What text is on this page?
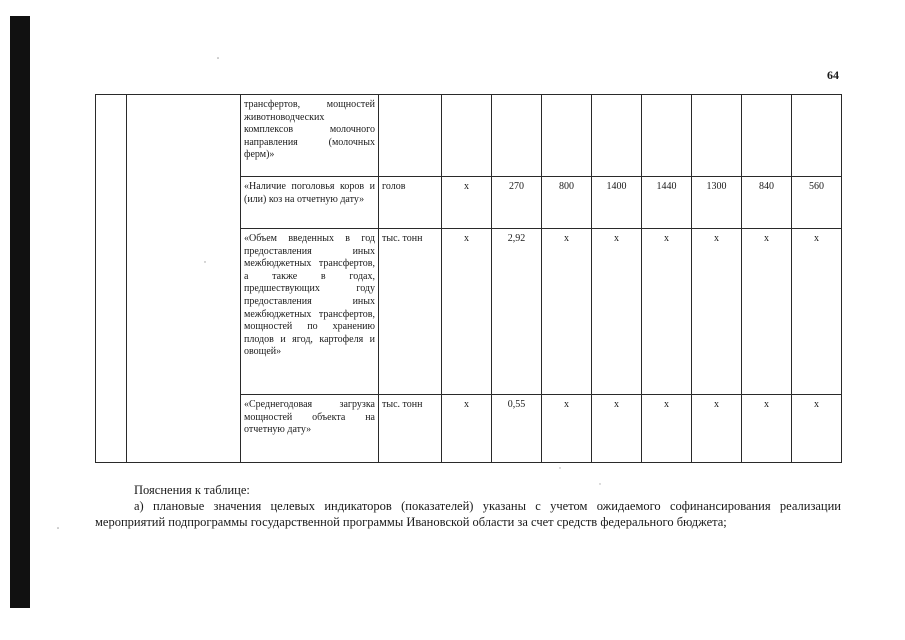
64
		трансфертов, мощностей животноводческих комплексов молочного направления (молочных ферм)»									
		«Наличие поголовья коров и (или) коз на отчетную дату»	голов	х	270	800	1400	1440	1300	840	560
		«Объем введенных в год предоставления иных межбюджетных трансфертов, а также в годах, предшествующих году предоставления иных межбюджетных трансфертов, мощностей по хранению плодов и ягод, картофеля и овощей»	тыс. тонн	х	2,92	х	х	х	х	х	х
		«Среднегодовая загрузка мощностей объекта на отчетную дату»	тыс. тонн	х	0,55	х	х	х	х	х	х
Пояснения к таблице:
а) плановые значения целевых индикаторов (показателей) указаны с учетом ожидаемого софинансирования реализации мероприятий подпрограммы государственной программы Ивановской области за счет средств федерального бюджета;
